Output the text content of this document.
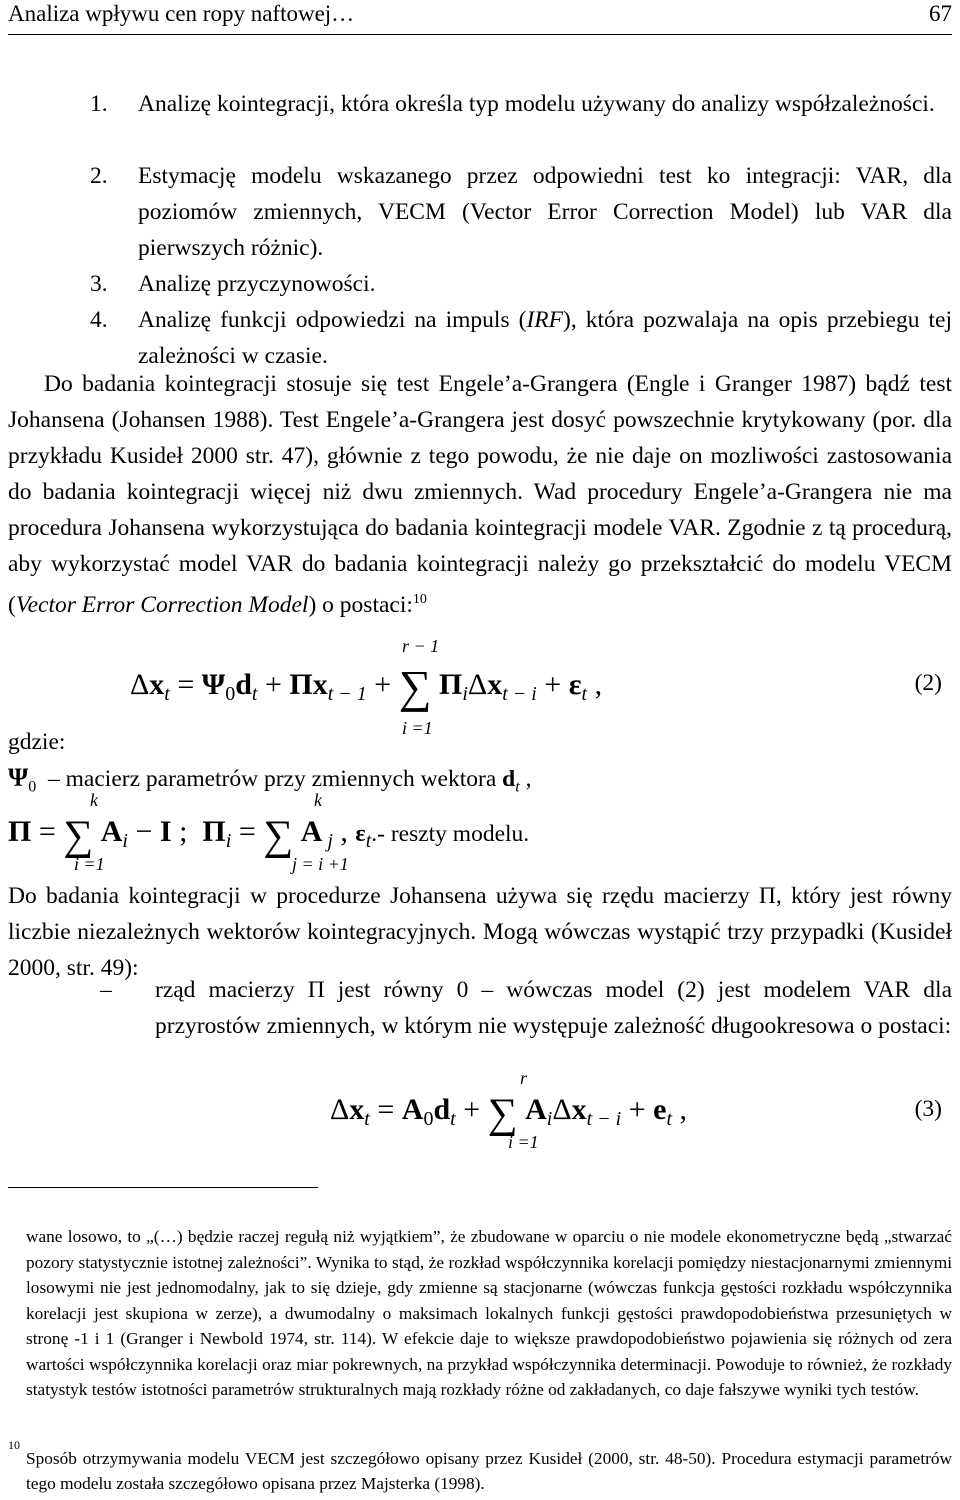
Analiza wpływu cen ropy naftowej…	67
1. Analizę kointegracji, która określa typ modelu używany do analizy współzależności.
2. Estymację modelu wskazanego przez odpowiedni test ko integracji: VAR, dla poziomów zmiennych, VECM (Vector Error Correction Model) lub VAR dla pierwszych różnic).
3. Analizę przyczynowości.
4. Analizę funkcji odpowiedzi na impuls (IRF), która pozwalaja na opis przebiegu tej zależności w czasie.
Do badania kointegracji stosuje się test Engele’a-Grangera (Engle i Granger 1987) bądź test Johansena (Johansen 1988). Test Engele’a-Grangera jest dosyć powszechnie krytykowany (por. dla przykładu Kusideł 2000 str. 47), głównie z tego powodu, że nie daje on mozliwości zastosowania do badania kointegracji więcej niż dwu zmiennych. Wad procedury Engele’a-Grangera nie ma procedura Johansena wykorzystująca do badania kointegracji modele VAR. Zgodnie z tą procedurą, aby wykorzystać model VAR do badania kointegracji należy go przekształcić do modelu VECM (Vector Error Correction Model) o postaci:$^{10}$
r − 1
$\Delta x_t = \Psi_0d_t + \Pi x_{t - 1}$ + ∑ $\Pi_i\Delta x_{t - i} + \varepsilon_t$ ,
i =1
(2)
gdzie:
$\Psi_0$  – macierz parametrów przy zmiennych wektora $d_t$ ,
k	k
Π = ∑ $A_i - I$ ;  $\Pi_i$ = ∑ A $_j$ , $\varepsilon_t.-$ reszty modelu.
i =1	j = i +1
Do badania kointegracji w procedurze Johansena używa się rzędu macierzy Π, który jest równy liczbie niezależnych wektorów kointegracyjnych. Mogą wówczas wystąpić trzy przypadki (Kusideł 2000, str. 49):
– rząd macierzy Π jest równy 0 – wówczas model (2) jest modelem VAR dla przyrostów zmiennych, w którym nie występuje zależność długookresowa o postaci:
r
$\Delta x_t = A_0d_t$ + ∑ $A_i\Delta x_{t - i} + e_t$ ,
i =1
(3)
wane losowo, to „(…) będzie raczej regułą niż wyjątkiem”, że zbudowane w oparciu o nie modele ekonometryczne będą „stwarzać pozory statystycznie istotnej zależności”. Wynika to stąd, że rozkład współczynnika korelacji pomiędzy niestacjonarnymi zmiennymi losowymi nie jest jednomodalny, jak to się dzieje, gdy zmienne są stacjonarne (wówczas funkcja gęstości rozkładu współczynnika korelacji jest skupiona w zerze), a dwumodalny o maksimach lokalnych funkcji gęstości prawdopodobieństwa przesuniętych w stronę -1 i 1 (Granger i Newbold 1974, str. 114). W efekcie daje to większe prawdopodobieństwo pojawienia się różnych od zera wartości współczynnika korelacji oraz miar pokrewnych, na przykład współczynnika determinacji. Powoduje to również, że rozkłady statystyk testów istotności parametrów strukturalnych mają rozkłady różne od zakładanych, co daje fałszywe wyniki tych testów.
10
Sposób otrzymywania modelu VECM jest szczegółowo opisany przez Kusideł (2000, str. 48-50). Procedura estymacji parametrów tego modelu została szczegółowo opisana przez Majsterka (1998).
